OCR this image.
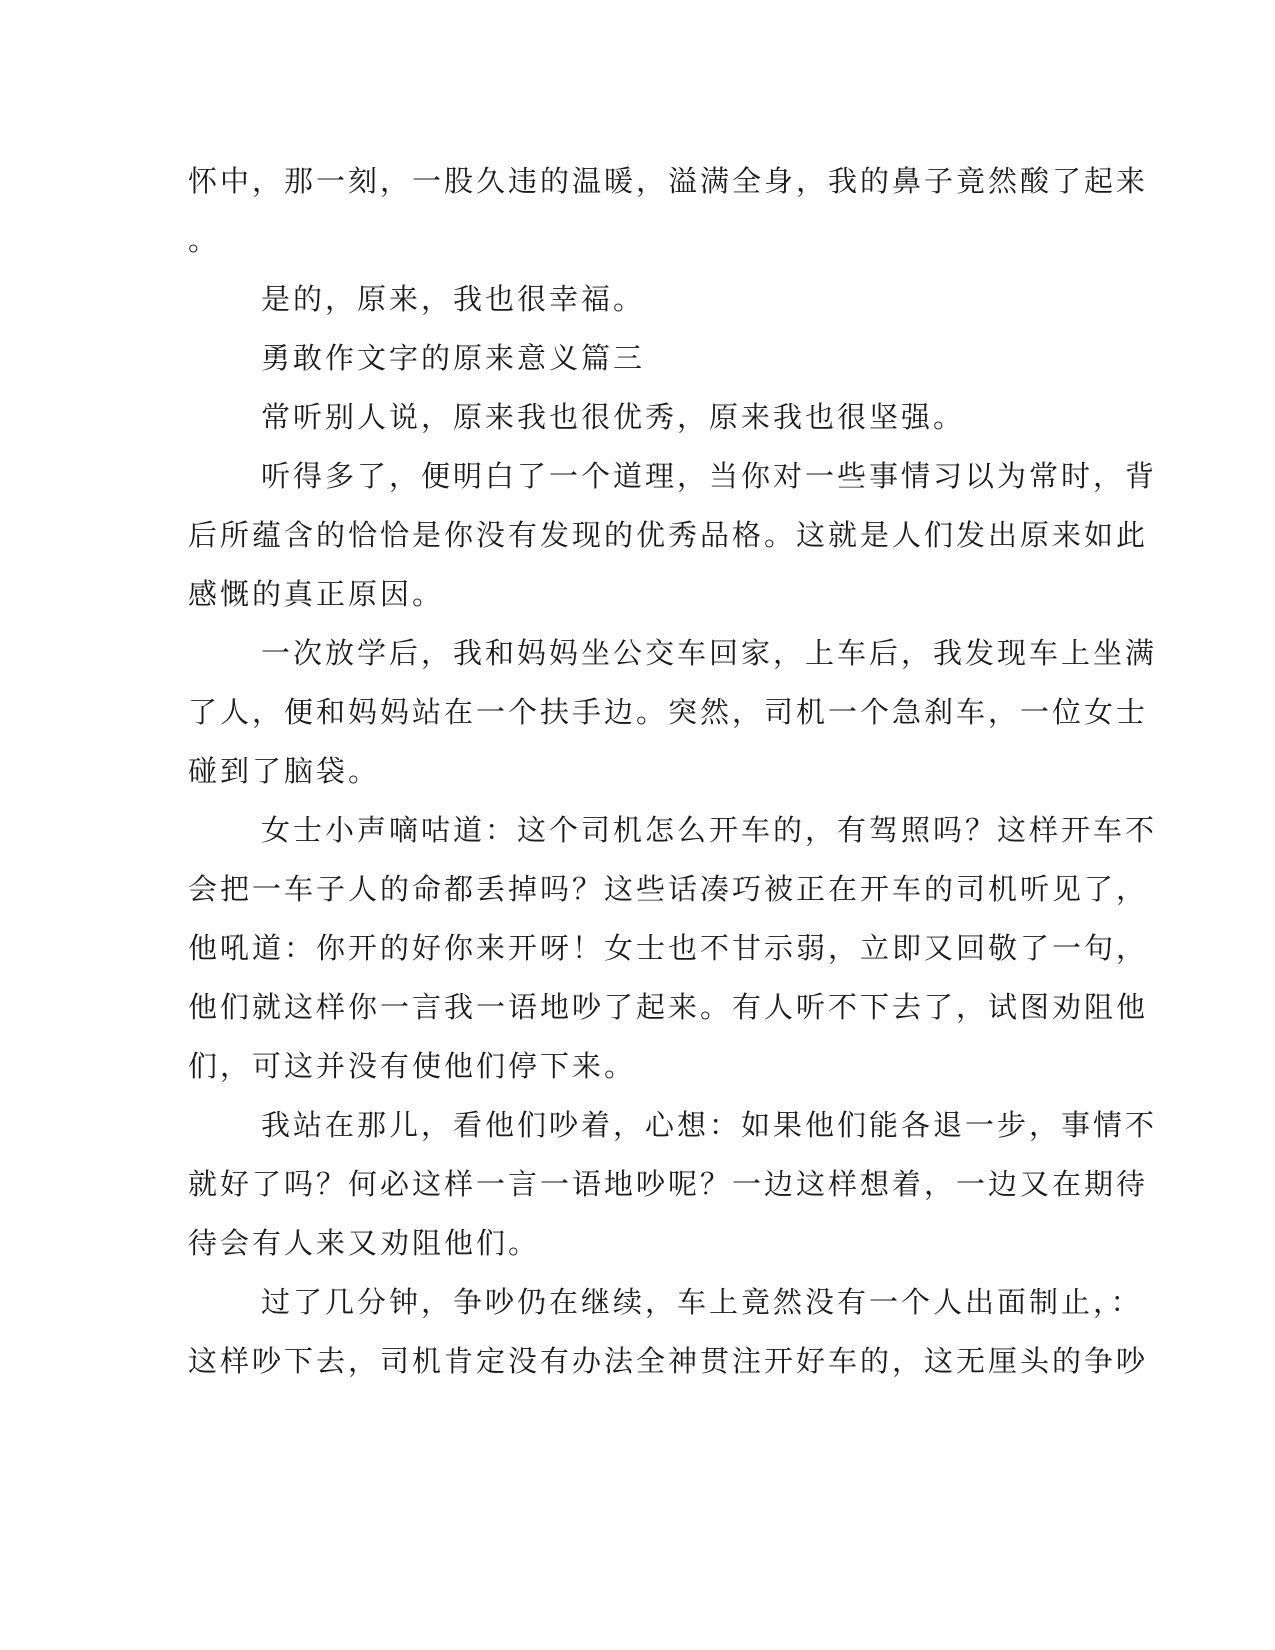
怀中，那一刻，一股久违的温暖，溢满全身，我的鼻子竟然酸了起来
。

是的，原来，我也很幸福。

勇敢作文字的原来意义篇三

常听别人说，原来我也很优秀，原来我也很坚强。

听得多了，便明白了一个道理，当你对一些事情习以为常时，背
后所蕴含的恰恰是你没有发现的优秀品格。这就是人们发出原来如此
感慨的真正原因。

一次放学后，我和妈妈坐公交车回家，上车后，我发现车上坐满
了人，便和妈妈站在一个扶手边。突然，司机一个急刹车，一位女士
碰到了脑袋。

女士小声嘀咕道：这个司机怎么开车的，有驾照吗？这样开车不
会把一车子人的命都丢掉吗？这些话凑巧被正在开车的司机听见了，
他吼道：你开的好你来开呀！女士也不甘示弱，立即又回敬了一句，
他们就这样你一言我一语地吵了起来。有人听不下去了，试图劝阻他
们，可这并没有使他们停下来。

我站在那儿，看他们吵着，心想：如果他们能各退一步，事情不
就好了吗？何必这样一言一语地吵呢？一边这样想着，一边又在期待
待会有人来又劝阻他们。

过了几分钟，争吵仍在继续，车上竟然没有一个人出面制止，：
这样吵下去，司机肯定没有办法全神贯注开好车的，这无厘头的争吵
